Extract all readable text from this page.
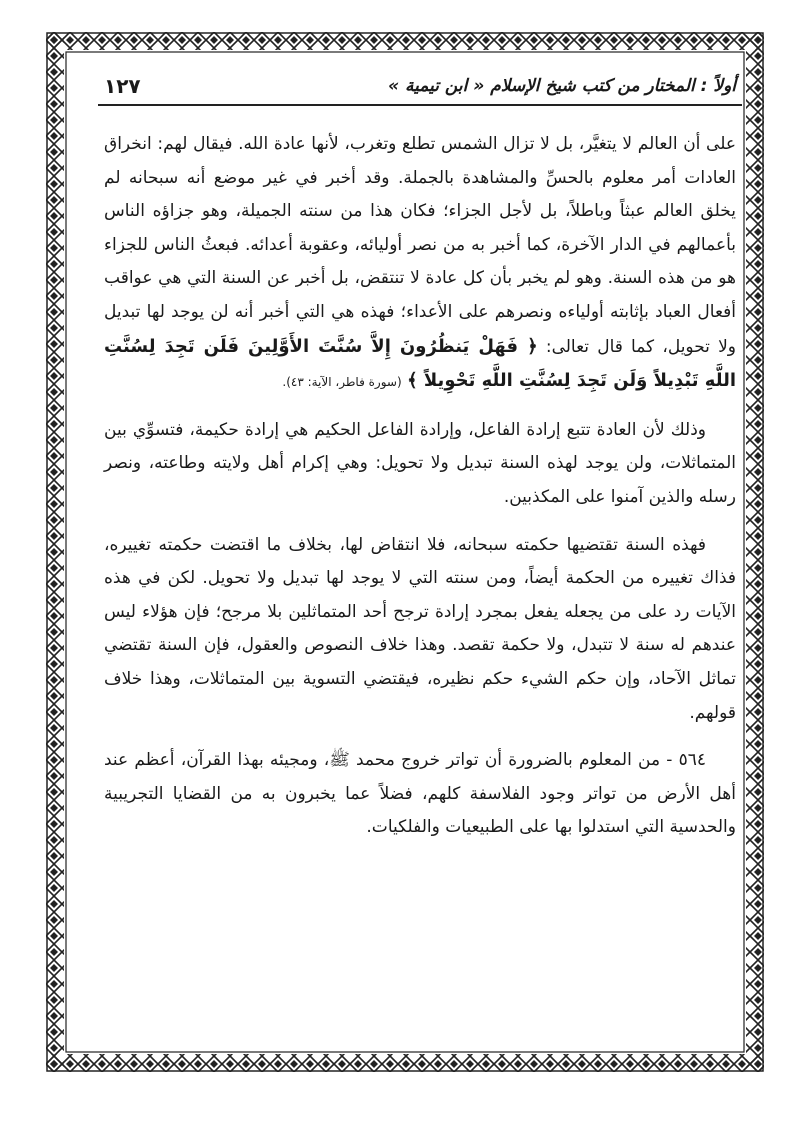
أولاً : المختار من كتب شيخ الإسلام « ابن تيمية »
١٢٧

على أن العالم لا يتغيَّر، بل لا تزال الشمس تطلع وتغرب، لأنها عادة الله. فيقال لهم: انخراق العادات أمر معلوم بالحسِّ والمشاهدة بالجملة. وقد أخبر في غير موضع أنه سبحانه لم يخلق العالم عبثاً وباطلاً، بل لأجل الجزاء؛ فكان هذا من سنته الجميلة، وهو جزاؤه الناس بأعمالهم في الدار الآخرة، كما أخبر به من نصر أوليائه، وعقوبة أعدائه. فبعثُ الناس للجزاء هو من هذه السنة. وهو لم يخبر بأن كل عادة لا تنتقض، بل أخبر عن السنة التي هي عواقب أفعال العباد بإثابته أولياءه ونصرهم على الأعداء؛ فهذه هي التي أخبر أنه لن يوجد لها تبديل ولا تحويل، كما قال تعالى: ﴿ فَهَلْ يَنظُرُونَ إِلاَّ سُنَّتَ الأَوَّلِينَ فَلَن تَجِدَ لِسُنَّتِ اللَّهِ تَبْدِيلاً وَلَن تَجِدَ لِسُنَّتِ اللَّهِ تَحْوِيلاً ﴾ (سورة فاطر، الآية: ٤٣).

وذلك لأن العادة تتبع إرادة الفاعل، وإرادة الفاعل الحكيم هي إرادة حكيمة، فتسوِّي بين المتماثلات، ولن يوجد لهذه السنة تبديل ولا تحويل: وهي إكرام أهل ولايته وطاعته، ونصر رسله والذين آمنوا على المكذبين.

فهذه السنة تقتضيها حكمته سبحانه، فلا انتقاض لها، بخلاف ما اقتضت حكمته تغييره، فذاك تغييره من الحكمة أيضاً، ومن سنته التي لا يوجد لها تبديل ولا تحويل. لكن في هذه الآيات رد على من يجعله يفعل بمجرد إرادة ترجح أحد المتماثلين بلا مرجح؛ فإن هؤلاء ليس عندهم له سنة لا تتبدل، ولا حكمة تقصد. وهذا خلاف النصوص والعقول، فإن السنة تقتضي تماثل الآحاد، وإن حكم الشيء حكم نظيره، فيقتضي التسوية بين المتماثلات، وهذا خلاف قولهم.

٥٦٤ - من المعلوم بالضرورة أن تواتر خروج محمد ﷺ، ومجيئه بهذا القرآن، أعظم عند أهل الأرض من تواتر وجود الفلاسفة كلهم، فضلاً عما يخبرون به من القضايا التجريبية والحدسية التي استدلوا بها على الطبيعيات والفلكيات.
